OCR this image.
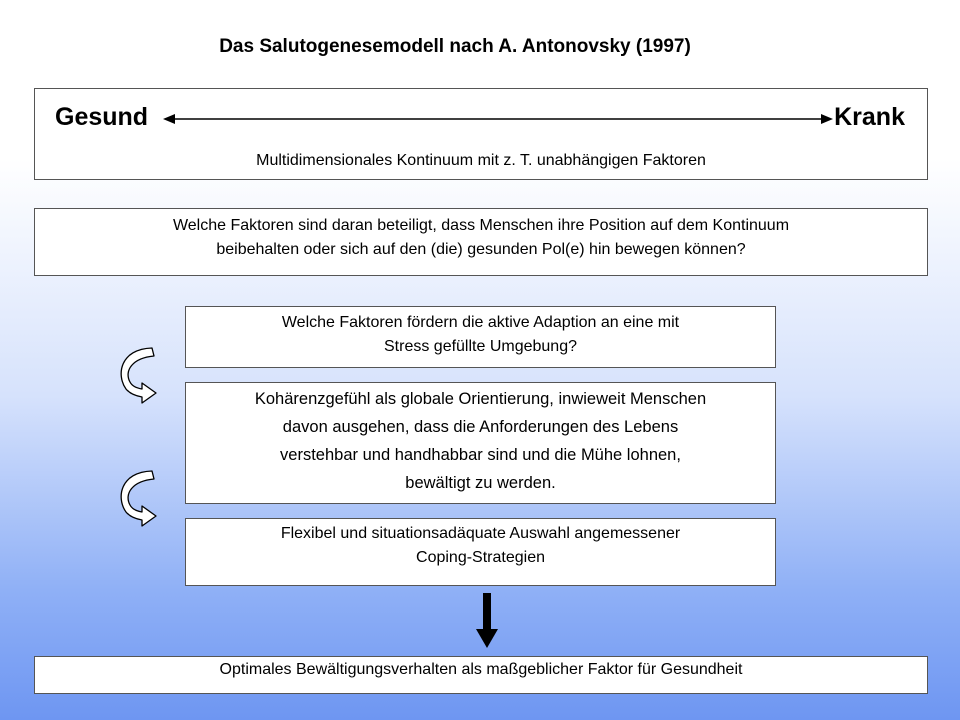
Das Salutogenesemodell nach A. Antonovsky (1997)
Gesund	Krank
Multidimensionales Kontinuum mit z. T. unabhängigen Faktoren
Welche Faktoren sind daran beteiligt, dass Menschen ihre Position auf dem Kontinuum
beibehalten oder sich auf den (die) gesunden Pol(e) hin bewegen können?
Welche Faktoren fördern die aktive Adaption an eine mit
Stress gefüllte Umgebung?
Kohärenzgefühl als globale Orientierung, inwieweit Menschen
davon ausgehen, dass die Anforderungen des Lebens
verstehbar und handhabbar sind und die Mühe lohnen,
bewältigt zu werden.
Flexibel und situationsadäquate Auswahl angemessener
Coping-Strategien
Optimales Bewältigungsverhalten als maßgeblicher Faktor für Gesundheit
